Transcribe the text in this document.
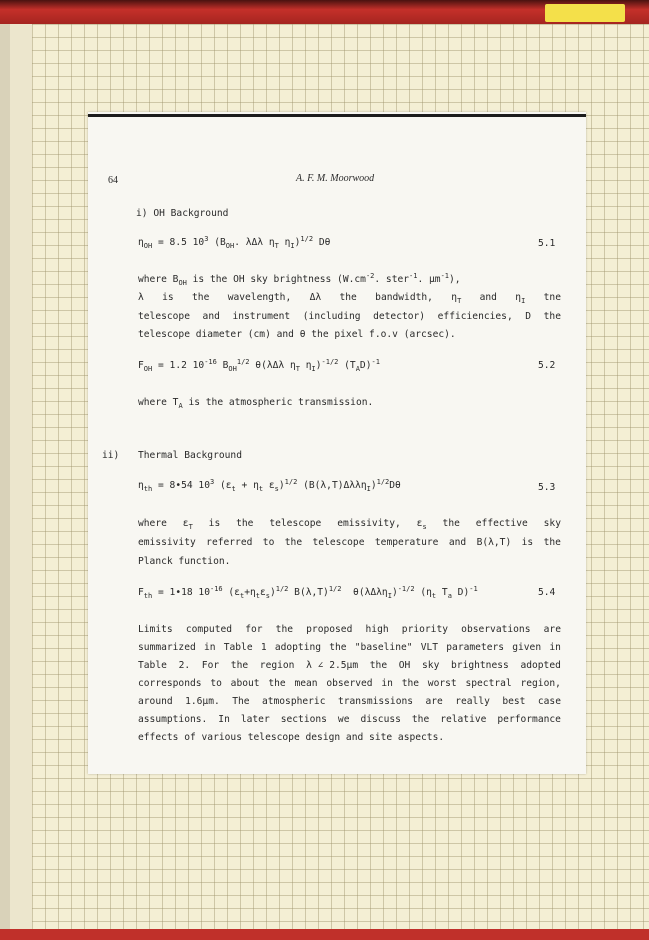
64	A. F. M. Moorwood
i) OH Background
$\eta_{OH} = 8.5$ $10^3$ ($B_{OH}$. λΔλ $\eta_T$ $\eta_I)^{1/2}$ Dθ	5.1
where $B_{OH}$ is the OH sky brightness ($W.cm^{-2}$. ster$^{-1}$. $\mu m^{-1}$),
λ is the wavelength, Δλ the bandwidth, $\eta_T$ and $\eta_I$ tne
telescope and instrument (including detector) efficiencies, D the
telescope diameter (cm) and θ the pixel f.o.v (arcsec).
$F_{OH} = 1.2$ $10^{-16}$ $B_{OH}^{1/2}$ θ(λΔλ $\eta_T$ $\eta_I)^{-1/2}$ $(T_AD)^{-1}$	5.2
where $T_A$ is the atmospheric transmission.
ii) Thermal Background
$\eta_{th}$ = 8•54 $10^3$ ($\varepsilon_t + \eta_t$ $\varepsilon_s)^{1/2}$ $(B(\lambda,T)\Delta\lambda\lambda\eta_I)^{1/2}D\theta$	5.3
where $\varepsilon_T$ is the telescope emissivity, $\varepsilon_s$ the effective sky
emissivity referred to the telescope temperature and B(λ,T) is the
Planck function.
$F_{th}$ = 1•18 $10^{-16}$ $(\varepsilon_t+\eta_t\varepsilon_s)^{1/2}$ $B(\lambda,T)^{1/2}$  $\theta(\lambda\Delta\lambda\eta_I)^{-1/2}$ ($\eta_t$ $T_a$ D)$^{-1}$	5.4
Limits computed for the proposed high priority observations are
summarized in Table 1 adopting the "baseline" VLT parameters given in
Table 2. For the region λ ∠ 2.5μm the OH sky brightness adopted
corresponds to about the mean observed in the worst spectral region,
around 1.6μm. The atmospheric transmissions are really best case
assumptions. In later sections we discuss the relative performance
effects of various telescope design and site aspects.
